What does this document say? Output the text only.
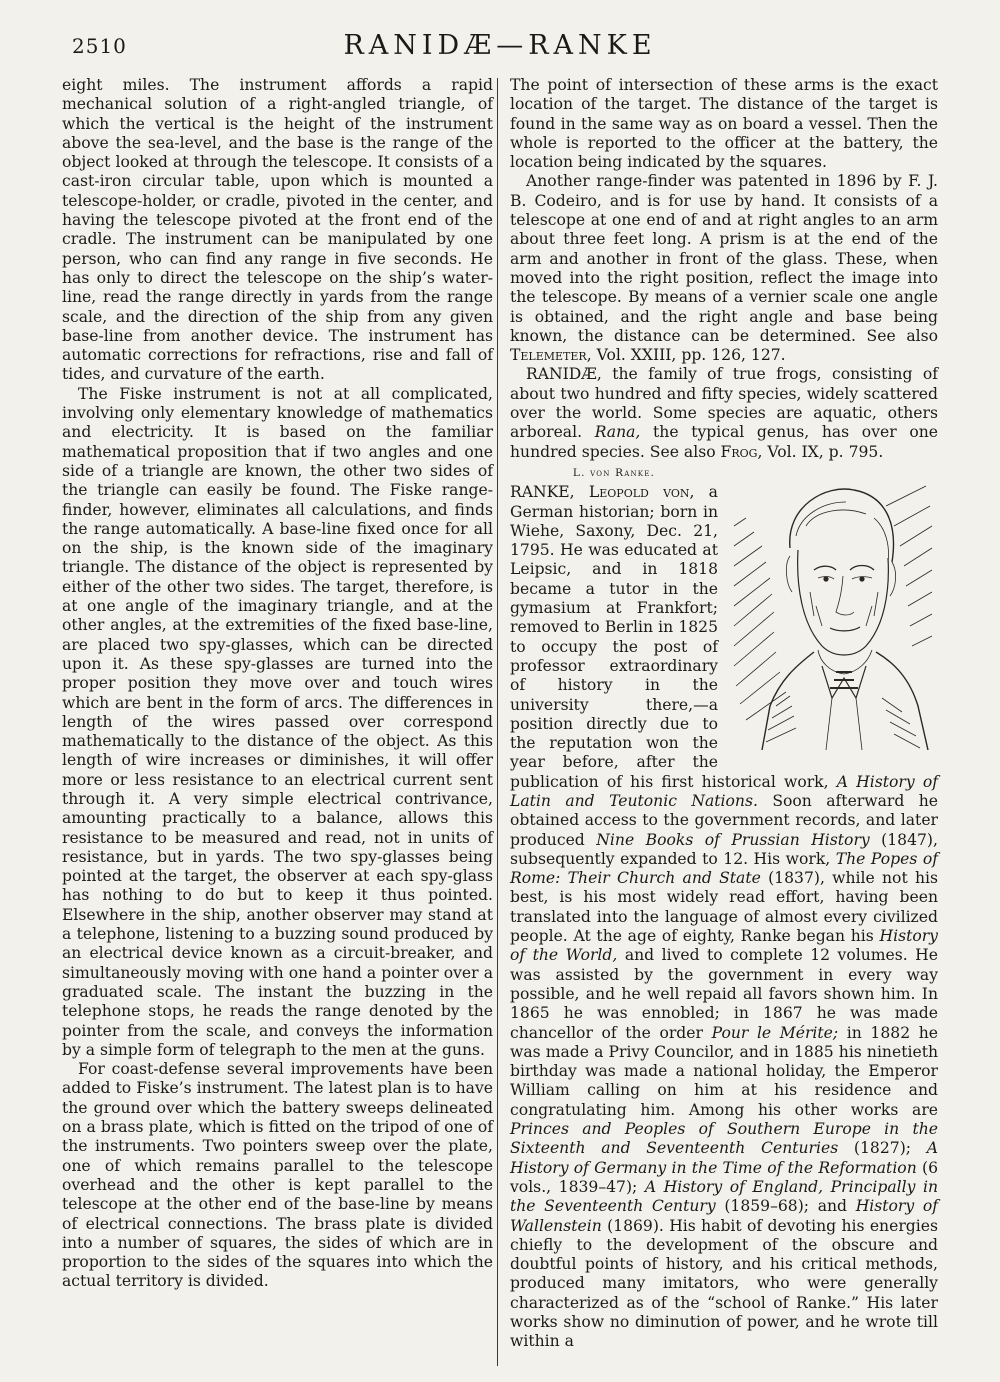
2510	RANIDÆ—RANKE

eight miles. The instrument affords a rapid mechanical solution of a right-angled triangle, of which the vertical is the height of the instrument above the sea-level, and the base is the range of the object looked at through the telescope. It consists of a cast-iron circular table, upon which is mounted a telescope-holder, or cradle, pivoted in the center, and having the telescope pivoted at the front end of the cradle. The instrument can be manipulated by one person, who can find any range in five seconds. He has only to direct the telescope on the ship’s water-line, read the range directly in yards from the range scale, and the direction of the ship from any given base-line from another device. The instrument has automatic corrections for refractions, rise and fall of tides, and curvature of the earth.

The Fiske instrument is not at all complicated, involving only elementary knowledge of mathematics and electricity. It is based on the familiar mathematical proposition that if two angles and one side of a triangle are known, the other two sides of the triangle can easily be found. The Fiske range-finder, however, eliminates all calculations, and finds the range automatically. A base-line fixed once for all on the ship, is the known side of the imaginary triangle. The distance of the object is represented by either of the other two sides. The target, therefore, is at one angle of the imaginary triangle, and at the other angles, at the extremities of the fixed base-line, are placed two spy-glasses, which can be directed upon it. As these spy-glasses are turned into the proper position they move over and touch wires which are bent in the form of arcs. The differences in length of the wires passed over correspond mathematically to the distance of the object. As this length of wire increases or diminishes, it will offer more or less resistance to an electrical current sent through it. A very simple electrical contrivance, amounting practically to a balance, allows this resistance to be measured and read, not in units of resistance, but in yards. The two spy-glasses being pointed at the target, the observer at each spy-glass has nothing to do but to keep it thus pointed. Elsewhere in the ship, another observer may stand at a telephone, listening to a buzzing sound produced by an electrical device known as a circuit-breaker, and simultaneously moving with one hand a pointer over a graduated scale. The instant the buzzing in the telephone stops, he reads the range denoted by the pointer from the scale, and conveys the information by a simple form of telegraph to the men at the guns.

For coast-defense several improvements have been added to Fiske’s instrument. The latest plan is to have the ground over which the battery sweeps delineated on a brass plate, which is fitted on the tripod of one of the instruments. Two pointers sweep over the plate, one of which remains parallel to the telescope overhead and the other is kept parallel to the telescope at the other end of the base-line by means of electrical connections. The brass plate is divided into a number of squares, the sides of which are in proportion to the sides of the squares into which the actual territory is divided.

The point of intersection of these arms is the exact location of the target. The distance of the target is found in the same way as on board a vessel. Then the whole is reported to the officer at the battery, the location being indicated by the squares.

Another range-finder was patented in 1896 by F. J. B. Codeiro, and is for use by hand. It consists of a telescope at one end of and at right angles to an arm about three feet long. A prism is at the end of the arm and another in front of the glass. These, when moved into the right position, reflect the image into the telescope. By means of a vernier scale one angle is obtained, and the right angle and base being known, the distance can be determined. See also Telemeter, Vol. XXIII, pp. 126, 127.

RANIDÆ, the family of true frogs, consisting of about two hundred and fifty species, widely scattered over the world. Some species are aquatic, others arboreal. Rana, the typical genus, has over one hundred species. See also Frog, Vol. IX, p. 795.

L. von Ranke.
RANKE, Leopold von, a German historian; born in Wiehe, Saxony, Dec. 21, 1795. He was educated at Leipsic, and in 1818 became a tutor in the gymasium at Frankfort; removed to Berlin in 1825 to occupy the post of professor extraordinary of history in the university there,—a position directly due to the reputation won the year before, after the publication of his first historical work, A History of Latin and Teutonic Nations. Soon afterward he obtained access to the government records, and later produced Nine Books of Prussian History (1847), subsequently expanded to 12. His work, The Popes of Rome: Their Church and State (1837), while not his best, is his most widely read effort, having been translated into the language of almost every civilized people. At the age of eighty, Ranke began his History of the World, and lived to complete 12 volumes. He was assisted by the government in every way possible, and he well repaid all favors shown him. In 1865 he was ennobled; in 1867 he was made chancellor of the order Pour le Mérite; in 1882 he was made a Privy Councilor, and in 1885 his ninetieth birthday was made a national holiday, the Emperor William calling on him at his residence and congratulating him. Among his other works are Princes and Peoples of Southern Europe in the Sixteenth and Seventeenth Centuries (1827); A History of Germany in the Time of the Reformation (6 vols., 1839–47); A History of England, Principally in the Seventeenth Century (1859–68); and History of Wallenstein (1869). His habit of devoting his energies chiefly to the development of the obscure and doubtful points of history, and his critical methods, produced many imitators, who were generally characterized as of the “school of Ranke.” His later works show no diminution of power, and he wrote till within a
